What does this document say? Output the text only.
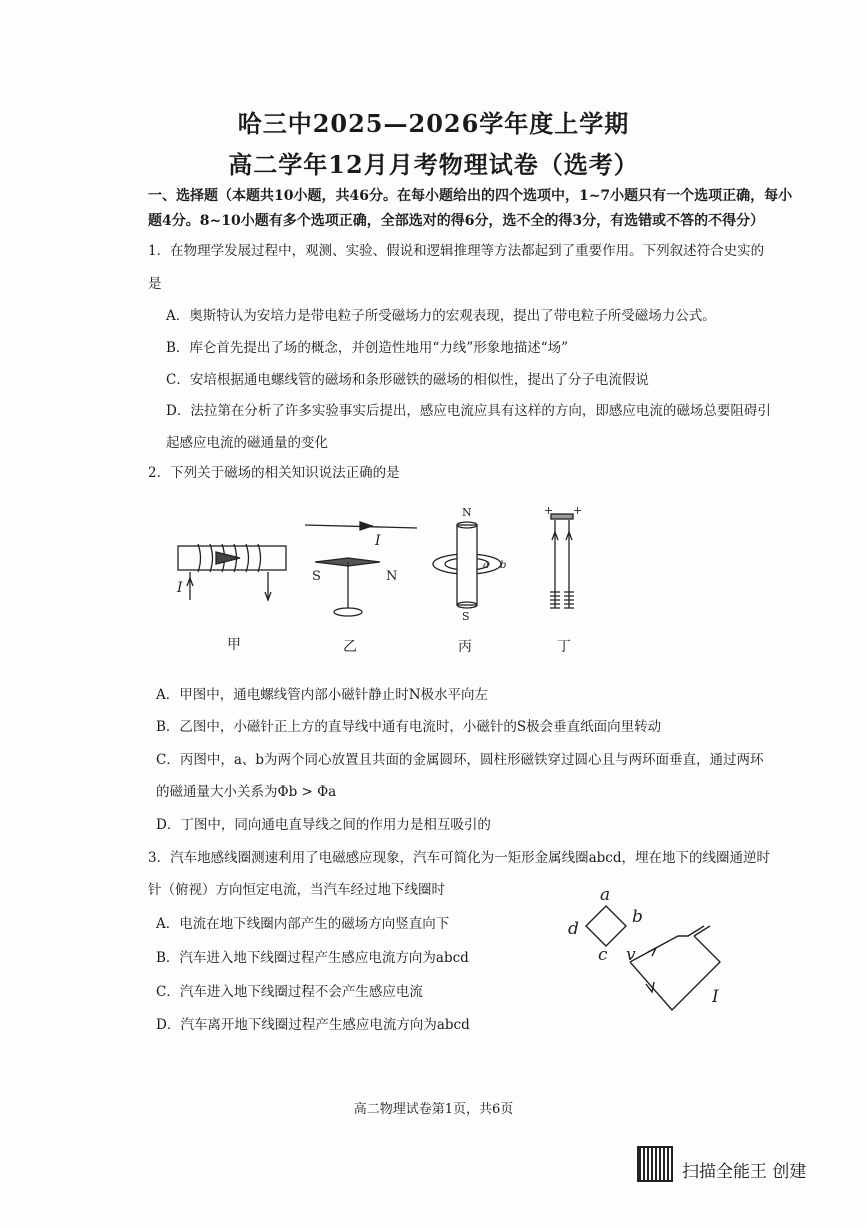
哈三中2025—2026学年度上学期
高二学年12月月考物理试卷（选考）
一、选择题（本题共10小题，共46分。在每小题给出的四个选项中，1~7小题只有一个选项正确，每小
题4分。8~10小题有多个选项正确，全部选对的得6分，选不全的得3分，有选错或不答的不得分）
1．在物理学发展过程中，观测、实验、假说和逻辑推理等方法都起到了重要作用。下列叙述符合史实的
是
A．奥斯特认为安培力是带电粒子所受磁场力的宏观表现，提出了带电粒子所受磁场力公式。
B．库仑首先提出了场的概念，并创造性地用“力线”形象地描述“场”
C．安培根据通电螺线管的磁场和条形磁铁的磁场的相似性，提出了分子电流假说
D．法拉第在分析了许多实验事实后提出，感应电流应具有这样的方向，即感应电流的磁场总要阻碍引
起感应电流的磁通量的变化
2．下列关于磁场的相关知识说法正确的是
I
I
S	N
N
S
a b
+ +
甲	乙	丙	丁
A．甲图中，通电螺线管内部小磁针静止时N极水平向左
B．乙图中，小磁针正上方的直导线中通有电流时，小磁针的S极会垂直纸面向里转动
C．丙图中，a、b为两个同心放置且共面的金属圆环，圆柱形磁铁穿过圆心且与两环面垂直，通过两环
的磁通量大小关系为Φb > Φa
D．丁图中，同向通电直导线之间的作用力是相互吸引的
3．汽车地感线圈测速利用了电磁感应现象，汽车可简化为一矩形金属线圈abcd，埋在地下的线圈通逆时
针（俯视）方向恒定电流，当汽车经过地下线圈时
A．电流在地下线圈内部产生的磁场方向竖直向下
B．汽车进入地下线圈过程产生感应电流方向为abcd
C．汽车进入地下线圈过程不会产生感应电流
D．汽车离开地下线圈过程产生感应电流方向为abcd
a
b
c
d
v
I
高二物理试卷第1页，共6页
扫描全能王 创建
